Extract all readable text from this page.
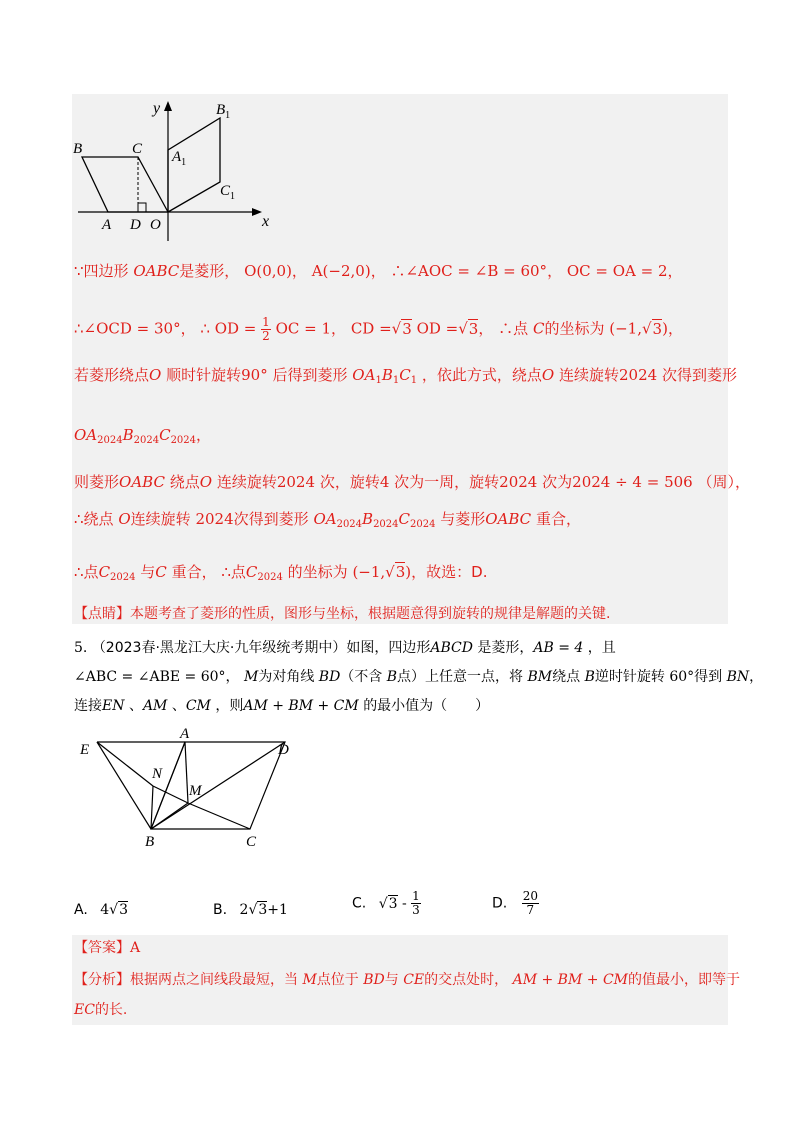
y
x
B	C
A D O
$A_1$
$B_1$
$C_1$
∵四边形 OABC是菱形， O(0,0)， A(−2,0)， ∴∠AOC = ∠B = 60°， OC = OA = 2，
∴∠OCD = 30°， ∴ OD = $\frac{1}{2}$ OC = 1， CD =√3 OD =√3， ∴点 C的坐标为 (−1,√3)，
若菱形绕点O 顺时针旋转90° 后得到菱形 $OA_1B_1C_1$ ，依此方式，绕点O 连续旋转2024 次得到菱形
$OA_{2024}B_{2024}C_{2024}$，
则菱形OABC 绕点O 连续旋转2024 次，旋转4 次为一周，旋转2024 次为2024 ÷ 4 = 506 （周），
∴绕点 O连续旋转 2024次得到菱形 $OA_{2024}B_{2024}C_{2024}$ 与菱形OABC 重合，
∴点$C_{2024}$ 与C 重合， ∴点$C_{2024}$ 的坐标为 (−1,√3)，故选：D.
【点睛】本题考查了菱形的性质，图形与坐标，根据题意得到旋转的规律是解题的关键.
5. （2023春·黑龙江大庆·九年级统考期中）如图，四边形ABCD 是菱形，AB = 4 ，且
∠ABC = ∠ABE = 60°， M为对角线 BD（不含 B点）上任意一点，将 BM绕点 B逆时针旋转 60°得到 BN，
连接EN 、AM 、CM ，则AM + BM + CM 的最小值为（　　）
E
A
D
N
M
B	C
A. 4√3	B. 2√3+1	C. $√3 - \frac{1}{3}$	D. $\frac{20}{7}$
【答案】A
【分析】根据两点之间线段最短，当 M点位于 BD与 CE的交点处时， AM + BM + CM的值最小，即等于
EC的长.
